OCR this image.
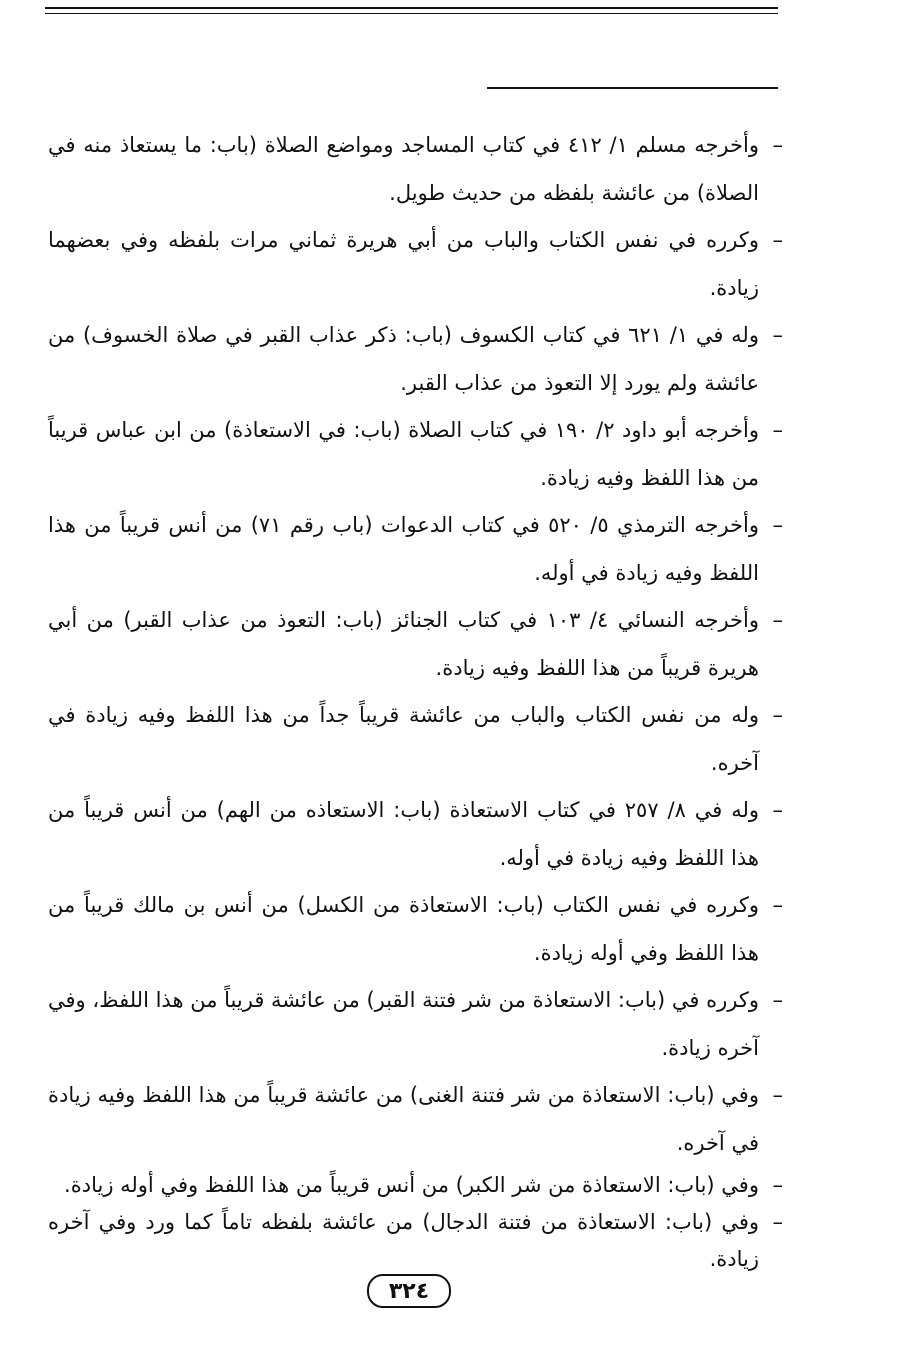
–
وأخرجه مسلم ١/ ٤١٢ في كتاب المساجد ومواضع الصلاة (باب: ما يستعاذ منه في الصلاة) من عائشة بلفظه من حديث طويل.
–
وكرره في نفس الكتاب والباب من أبي هريرة ثماني مرات بلفظه وفي بعضهما زيادة.
–
وله في ١/ ٦٢١ في كتاب الكسوف (باب: ذكر عذاب القبر في صلاة الخسوف) من عائشة ولم يورد إلا التعوذ من عذاب القبر.
–
وأخرجه أبو داود ٢/ ١٩٠ في كتاب الصلاة (باب: في الاستعاذة) من ابن عباس قريباً من هذا اللفظ وفيه زيادة.
–
وأخرجه الترمذي ٥/ ٥٢٠ في كتاب الدعوات (باب رقم ٧١) من أنس قريباً من هذا اللفظ وفيه زيادة في أوله.
–
وأخرجه النسائي ٤/ ١٠٣ في كتاب الجنائز (باب: التعوذ من عذاب القبر) من أبي هريرة قريباً من هذا اللفظ وفيه زيادة.
–
وله من نفس الكتاب والباب من عائشة قريباً جداً من هذا اللفظ وفيه زيادة في آخره.
–
وله في ٨/ ٢٥٧ في كتاب الاستعاذة (باب: الاستعاذه من الهم) من أنس قريباً من هذا اللفظ وفيه زيادة في أوله.
–
وكرره في نفس الكتاب (باب: الاستعاذة من الكسل) من أنس بن مالك قريباً من هذا اللفظ وفي أوله زيادة.
–
وكرره في (باب: الاستعاذة من شر فتنة القبر) من عائشة قريباً من هذا اللفظ، وفي آخره زيادة.
–
وفي (باب: الاستعاذة من شر فتنة الغنى) من عائشة قريباً من هذا اللفظ وفيه زيادة في آخره.
–
وفي (باب: الاستعاذة من شر الكبر) من أنس قريباً من هذا اللفظ وفي أوله زيادة.
–
وفي (باب: الاستعاذة من فتنة الدجال) من عائشة بلفظه تاماً كما ورد وفي آخره زيادة.
٣٢٤
